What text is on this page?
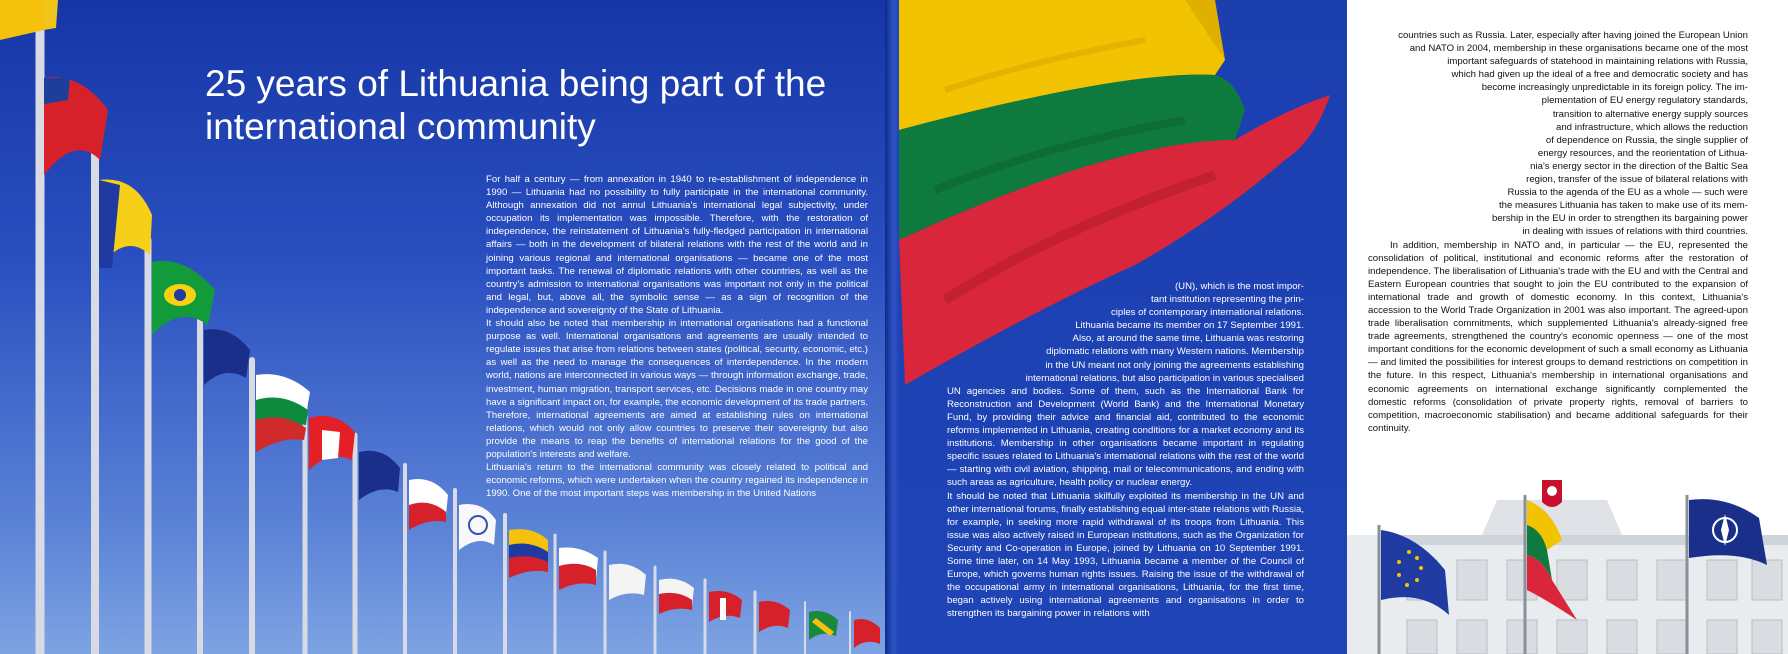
25 years of Lithuania being part of the international community

For half a century — from annexation in 1940 to re-establishment of independence in 1990 — Lithuania had no possibility to fully participate in the international community. Although annexation did not annul Lithuania's international legal subjectivity, under occupation its implementation was impossible. Therefore, with the restoration of independence, the reinstatement of Lithuania's fully-fledged participation in international affairs — both in the development of bilateral relations with the rest of the world and in joining various regional and international organisations — became one of the most important tasks. The renewal of diplomatic relations with other countries, as well as the country's admission to international organisations was important not only in the political and legal, but, above all, the symbolic sense — as a sign of recognition of the independence and sovereignty of the State of Lithuania.

It should also be noted that membership in international organisations had a functional purpose as well. International organisations and agreements are usually intended to regulate issues that arise from relations between states (political, security, economic, etc.) as well as the need to manage the consequences of interdependence. In the modern world, nations are interconnected in various ways — through information exchange, trade, investment, human migration, transport services, etc. Decisions made in one country may have a significant impact on, for example, the economic development of its trade partners. Therefore, international agreements are aimed at establishing rules on international relations, which would not only allow countries to preserve their sovereignty but also provide the means to reap the benefits of international relations for the good of the population's interests and welfare.

Lithuania's return to the international community was closely related to political and economic reforms, which were undertaken when the country regained its independence in 1990. One of the most important steps was membership in the United Nations

(UN), which is the most impor-

tant institution representing the prin-

ciples of contemporary international relations.

Lithuania became its member on 17 September 1991.

Also, at around the same time, Lithuania was restoring

diplomatic relations with many Western nations. Membership

in the UN meant not only joining the agreements establishing

international relations, but also participation in various specialised

UN agencies and bodies. Some of them, such as the International Bank for Reconstruction and Development (World Bank) and the International Monetary Fund, by providing their advice and financial aid, contributed to the economic reforms implemented in Lithuania, creating conditions for a market economy and its institutions. Membership in other organisations became important in regulating specific issues related to Lithuania's international relations with the rest of the world — starting with civil aviation, shipping, mail or telecommunications, and ending with such areas as agriculture, health policy or nuclear energy.

It should be noted that Lithuania skilfully exploited its membership in the UN and other international forums, finally establishing equal inter-state relations with Russia, for example, in seeking more rapid withdrawal of its troops from Lithuania. This issue was also actively raised in European institutions, such as the Organization for Security and Co-operation in Europe, joined by Lithuania on 10 September 1991. Some time later, on 14 May 1993, Lithuania became a member of the Council of Europe, which governs human rights issues. Raising the issue of the withdrawal of the occupational army in international organisations, Lithuania, for the first time, began actively using international agreements and organisations in order to strengthen its bargaining power in relations with

countries such as Russia. Later, especially after having joined the European Union

and NATO in 2004, membership in these organisations became one of the most

important safeguards of statehood in maintaining relations with Russia,

which had given up the ideal of a free and democratic society and has

become increasingly unpredictable in its foreign policy. The im-

plementation of EU energy regulatory standards,

transition to alternative energy supply sources

and infrastructure, which allows the reduction

of dependence on Russia, the single supplier of

energy resources, and the reorientation of Lithua-

nia's energy sector in the direction of the Baltic Sea

region, transfer of the issue of bilateral relations with

Russia to the agenda of the EU as a whole — such were

the measures Lithuania has taken to make use of its mem-

bership in the EU in order to strengthen its bargaining power

in dealing with issues of relations with third countries.

In addition, membership in NATO and, in particular — the EU, represented the consolidation of political, institutional and economic reforms after the restoration of independence. The liberalisation of Lithuania's trade with the EU and with the Central and Eastern European countries that sought to join the EU contributed to the expansion of international trade and growth of domestic economy. In this context, Lithuania's accession to the World Trade Organization in 2001 was also important. The agreed-upon trade liberalisation commitments, which supplemented Lithuania's already-signed free trade agreements, strengthened the country's economic openness — one of the most important conditions for the economic development of such a small economy as Lithuania — and limited the possibilities for interest groups to demand restrictions on competition in the future. In this respect, Lithuania's membership in international organisations and economic agreements on international exchange significantly complemented the domestic reforms (consolidation of private property rights, removal of barriers to competition, macroeconomic stabilisation) and became additional safeguards for their continuity.
